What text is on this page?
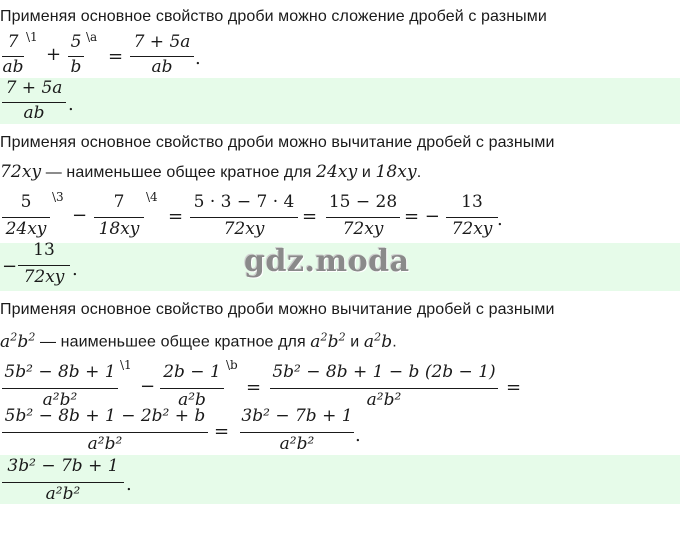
Применяя основное свойство дроби можно сложение дробей с разными
7
ab
\1
+
5
b
\a
=
7 + 5a
ab	.
7 + 5a
ab	.
Применяя основное свойство дроби можно вычитание дробей с разными
72xy — наименьшее общее кратное для 24xy и 18xy.
5
24xy
\3
−
7
18xy
\4
=
5 · 3 − 7 · 4
72xy
=
15 − 28
72xy
= −
13
72xy .
−
13
72xy .	gdz.moda
Применяя основное свойство дроби можно вычитание дробей с разными
$a^2b^2$ — наименьшее общее кратное для $a^2b^2$ и $a^2b$.
5b² − 8b + 1
a²b²
\1
−
2b − 1
a²b
\b
=
5b² − 8b + 1 − b (2b − 1)
a²b²
=
5b² − 8b + 1 − 2b² + b
a²b²
=
3b² − 7b + 1
a²b²	.
3b² − 7b + 1
a²b²	.
